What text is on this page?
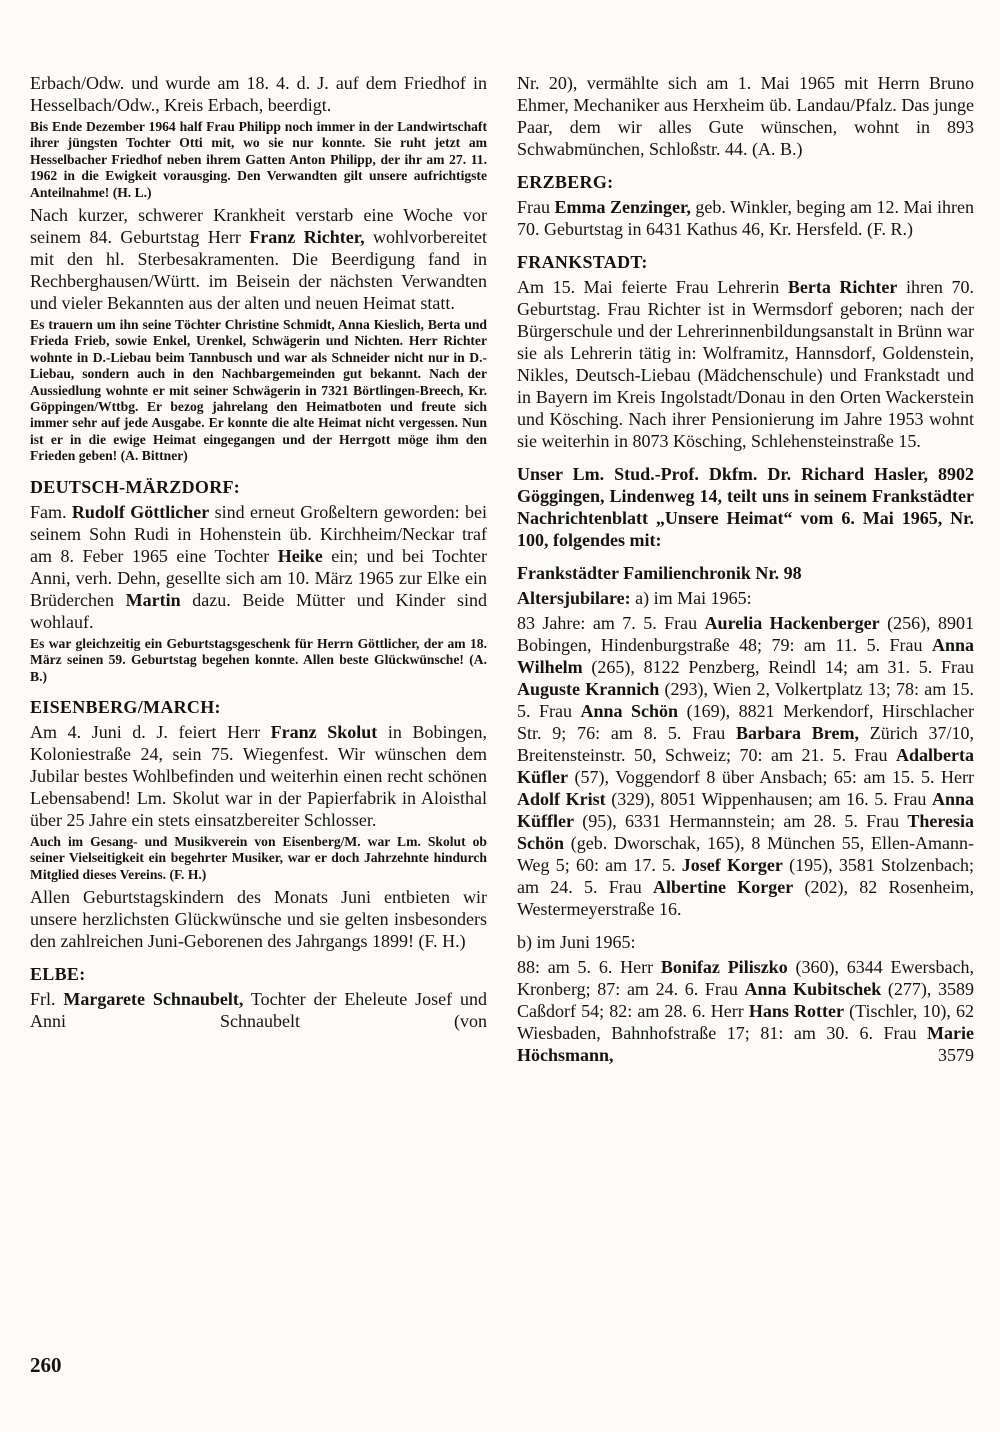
Erbach/Odw. und wurde am 18. 4. d. J. auf dem Friedhof in Hesselbach/Odw., Kreis Erbach, beerdigt.

Bis Ende Dezember 1964 half Frau Philipp noch immer in der Landwirtschaft ihrer jüngsten Tochter Otti mit, wo sie nur konnte. Sie ruht jetzt am Hesselbacher Friedhof neben ihrem Gatten Anton Philipp, der ihr am 27. 11. 1962 in die Ewigkeit vorausging. Den Verwandten gilt unsere aufrichtigste Anteilnahme! (H. L.)

Nach kurzer, schwerer Krankheit verstarb eine Woche vor seinem 84. Geburtstag Herr Franz Richter, wohlvorbereitet mit den hl. Sterbesakramenten. Die Beerdigung fand in Rechberghausen/Württ. im Beisein der nächsten Verwandten und vieler Bekannten aus der alten und neuen Heimat statt.

Es trauern um ihn seine Töchter Christine Schmidt, Anna Kieslich, Berta und Frieda Frieb, sowie Enkel, Urenkel, Schwägerin und Nichten. Herr Richter wohnte in D.-Liebau beim Tannbusch und war als Schneider nicht nur in D.-Liebau, sondern auch in den Nachbargemeinden gut bekannt. Nach der Aussiedlung wohnte er mit seiner Schwägerin in 7321 Börtlingen-Breech, Kr. Göppingen/Wttbg. Er bezog jahrelang den Heimatboten und freute sich immer sehr auf jede Ausgabe. Er konnte die alte Heimat nicht vergessen. Nun ist er in die ewige Heimat eingegangen und der Herrgott möge ihm den Frieden geben! (A. Bittner)

DEUTSCH-MÄRZDORF:

Fam. Rudolf Göttlicher sind erneut Großeltern geworden: bei seinem Sohn Rudi in Hohenstein üb. Kirchheim/Neckar traf am 8. Feber 1965 eine Tochter Heike ein; und bei Tochter Anni, verh. Dehn, gesellte sich am 10. März 1965 zur Elke ein Brüderchen Martin dazu. Beide Mütter und Kinder sind wohlauf.

Es war gleichzeitig ein Geburtstagsgeschenk für Herrn Göttlicher, der am 18. März seinen 59. Geburtstag begehen konnte. Allen beste Glückwünsche! (A. B.)

EISENBERG/MARCH:

Am 4. Juni d. J. feiert Herr Franz Skolut in Bobingen, Koloniestraße 24, sein 75. Wiegenfest. Wir wünschen dem Jubilar bestes Wohlbefinden und weiterhin einen recht schönen Lebensabend! Lm. Skolut war in der Papierfabrik in Aloisthal über 25 Jahre ein stets einsatzbereiter Schlosser.

Auch im Gesang- und Musikverein von Eisenberg/M. war Lm. Skolut ob seiner Vielseitigkeit ein begehrter Musiker, war er doch Jahrzehnte hindurch Mitglied dieses Vereins. (F. H.)

Allen Geburtstagskindern des Monats Juni entbieten wir unsere herzlichsten Glückwünsche und sie gelten insbesonders den zahlreichen Juni-Geborenen des Jahrgangs 1899! (F. H.)

ELBE:

Frl. Margarete Schnaubelt, Tochter der Eheleute Josef und Anni Schnaubelt (von

Nr. 20), vermählte sich am 1. Mai 1965 mit Herrn Bruno Ehmer, Mechaniker aus Herxheim üb. Landau/Pfalz. Das junge Paar, dem wir alles Gute wünschen, wohnt in 893 Schwabmünchen, Schloßstr. 44. (A. B.)

ERZBERG:

Frau Emma Zenzinger, geb. Winkler, beging am 12. Mai ihren 70. Geburtstag in 6431 Kathus 46, Kr. Hersfeld. (F. R.)

FRANKSTADT:

Am 15. Mai feierte Frau Lehrerin Berta Richter ihren 70. Geburtstag. Frau Richter ist in Wermsdorf geboren; nach der Bürgerschule und der Lehrerinnenbildungsanstalt in Brünn war sie als Lehrerin tätig in: Wolframitz, Hannsdorf, Goldenstein, Nikles, Deutsch-Liebau (Mädchenschule) und Frankstadt und in Bayern im Kreis Ingolstadt/Donau in den Orten Wackerstein und Kösching. Nach ihrer Pensionierung im Jahre 1953 wohnt sie weiterhin in 8073 Kösching, Schlehensteinstraße 15.

Unser Lm. Stud.-Prof. Dkfm. Dr. Richard Hasler, 8902 Göggingen, Lindenweg 14, teilt uns in seinem Frankstädter Nachrichtenblatt „Unsere Heimat“ vom 6. Mai 1965, Nr. 100, folgendes mit:

Frankstädter Familienchronik Nr. 98

Altersjubilare: a) im Mai 1965:

83 Jahre: am 7. 5. Frau Aurelia Hackenberger (256), 8901 Bobingen, Hindenburgstraße 48; 79: am 11. 5. Frau Anna Wilhelm (265), 8122 Penzberg, Reindl 14; am 31. 5. Frau Auguste Krannich (293), Wien 2, Volkertplatz 13; 78: am 15. 5. Frau Anna Schön (169), 8821 Merkendorf, Hirschlacher Str. 9; 76: am 8. 5. Frau Barbara Brem, Zürich 37/10, Breitensteinstr. 50, Schweiz; 70: am 21. 5. Frau Adalberta Küfler (57), Voggendorf 8 über Ansbach; 65: am 15. 5. Herr Adolf Krist (329), 8051 Wippenhausen; am 16. 5. Frau Anna Küffler (95), 6331 Hermannstein; am 28. 5. Frau Theresia Schön (geb. Dworschak, 165), 8 München 55, Ellen-Amann-Weg 5; 60: am 17. 5. Josef Korger (195), 3581 Stolzenbach; am 24. 5. Frau Albertine Korger (202), 82 Rosenheim, Westermeyerstraße 16.

b) im Juni 1965:

88: am 5. 6. Herr Bonifaz Piliszko (360), 6344 Ewersbach, Kronberg; 87: am 24. 6. Frau Anna Kubitschek (277), 3589 Caßdorf 54; 82: am 28. 6. Herr Hans Rotter (Tischler, 10), 62 Wiesbaden, Bahnhofstraße 17; 81: am 30. 6. Frau Marie Höchsmann, 3579

260
